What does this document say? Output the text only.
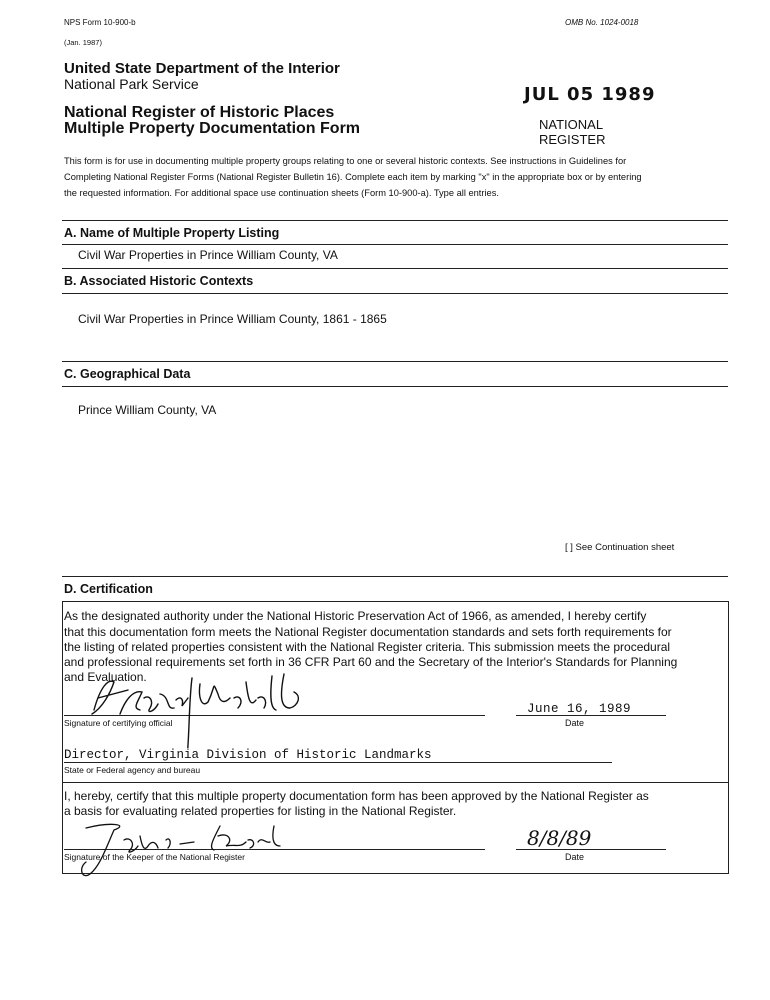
NPS Form 10-900-b
(Jan. 1987)
OMB No. 1024-0018
United State Department of the Interior
National Park Service
National Register of Historic Places
Multiple Property Documentation Form
JUL 05 1989
NATIONAL
REGISTER
This form is for use in documenting multiple property groups relating to one or several historic contexts. See instructions in Guidelines for
Completing National Register Forms (National Register Bulletin 16). Complete each item by marking "x" in the appropriate box or by entering
the requested information. For additional space use continuation sheets (Form 10-900-a). Type all entries.
A. Name of Multiple Property Listing
Civil War Properties in Prince William County, VA
B. Associated Historic Contexts
Civil War Properties in Prince William County, 1861 - 1865
C. Geographical Data
Prince William County, VA
[ ] See Continuation sheet
D. Certification
As the designated authority under the National Historic Preservation Act of 1966, as amended, I hereby certify
that this documentation form meets the National Register documentation standards and sets forth requirements for
the listing of related properties consistent with the National Register criteria. This submission meets the procedural
and professional requirements set forth in 36 CFR Part 60 and the Secretary of the Interior's Standards for Planning
and Evaluation.
Signature of certifying official
June 16, 1989
Date
Director, Virginia Division of Historic Landmarks
State or Federal agency and bureau
I, hereby, certify that this multiple property documentation form has been approved by the National Register as
a basis for evaluating related properties for listing in the National Register.
Signature of the Keeper of the National Register
8/8/89
Date
